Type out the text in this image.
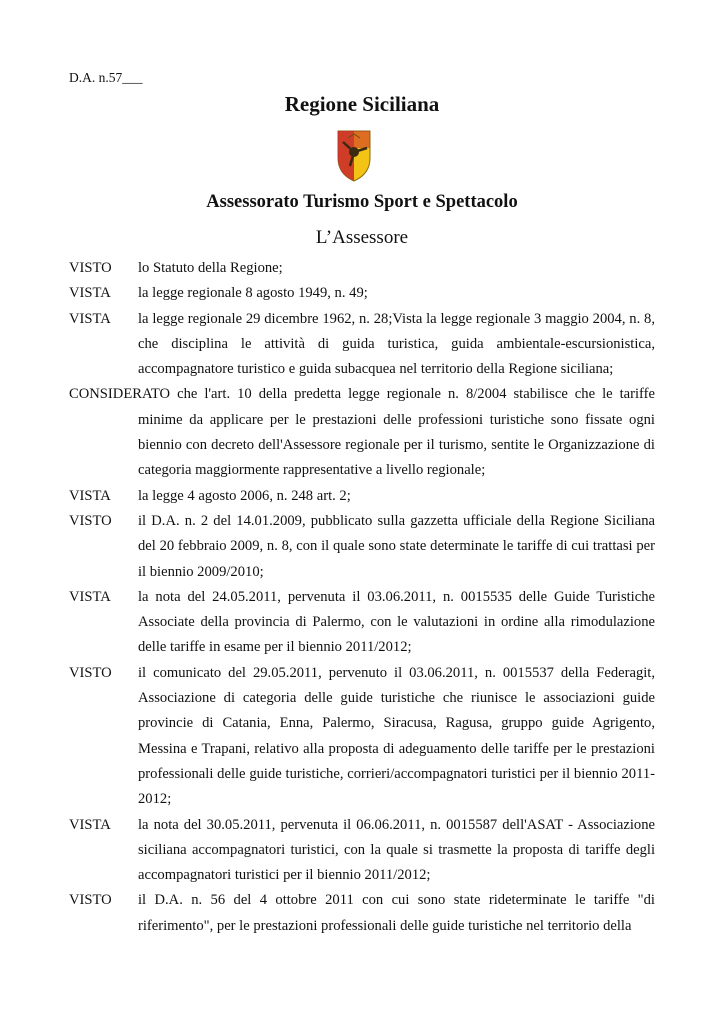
D.A. n.57___
Regione Siciliana
Assessorato Turismo Sport e Spettacolo
L’Assessore
VISTO	lo Statuto della Regione;
VISTA	la legge regionale 8 agosto 1949, n. 49;
VISTA	la legge regionale 29 dicembre 1962, n. 28;Vista la legge regionale 3 maggio 2004, n. 8, che disciplina le attività di guida turistica, guida ambientale-escursionistica, accompagnatore turistico e guida subacquea nel territorio della Regione siciliana;
CONSIDERATO che l'art. 10 della predetta legge regionale n. 8/2004 stabilisce che le tariffe
minime da applicare per le prestazioni delle professioni turistiche sono fissate ogni biennio con decreto dell'Assessore regionale per il turismo, sentite le Organizzazione di categoria maggiormente rappresentative a livello regionale;
VISTA	la legge 4 agosto 2006, n. 248 art. 2;
VISTO	il D.A. n. 2 del 14.01.2009, pubblicato sulla gazzetta ufficiale della Regione Siciliana del 20 febbraio 2009, n. 8, con il quale sono state determinate le tariffe di cui trattasi per il biennio 2009/2010;
VISTA	la nota del 24.05.2011, pervenuta il 03.06.2011, n. 0015535 delle Guide Turistiche Associate della provincia di Palermo, con le valutazioni in ordine alla rimodulazione delle tariffe in esame per il biennio 2011/2012;
VISTO	il comunicato del 29.05.2011, pervenuto il 03.06.2011, n. 0015537 della Federagit, Associazione di categoria delle guide turistiche che riunisce le associazioni guide provincie di Catania, Enna, Palermo, Siracusa, Ragusa, gruppo guide Agrigento, Messina e Trapani, relativo alla proposta di adeguamento delle tariffe per le prestazioni professionali delle guide turistiche, corrieri/accompagnatori turistici per il biennio 2011-2012;
VISTA	la nota del 30.05.2011, pervenuta il 06.06.2011, n. 0015587 dell'ASAT - Associazione siciliana accompagnatori turistici, con la quale si trasmette la proposta di tariffe degli accompagnatori turistici per il biennio 2011/2012;
VISTO	il D.A. n. 56 del 4 ottobre 2011 con cui sono state rideterminate le tariffe "di riferimento", per le prestazioni professionali delle guide turistiche nel territorio della
